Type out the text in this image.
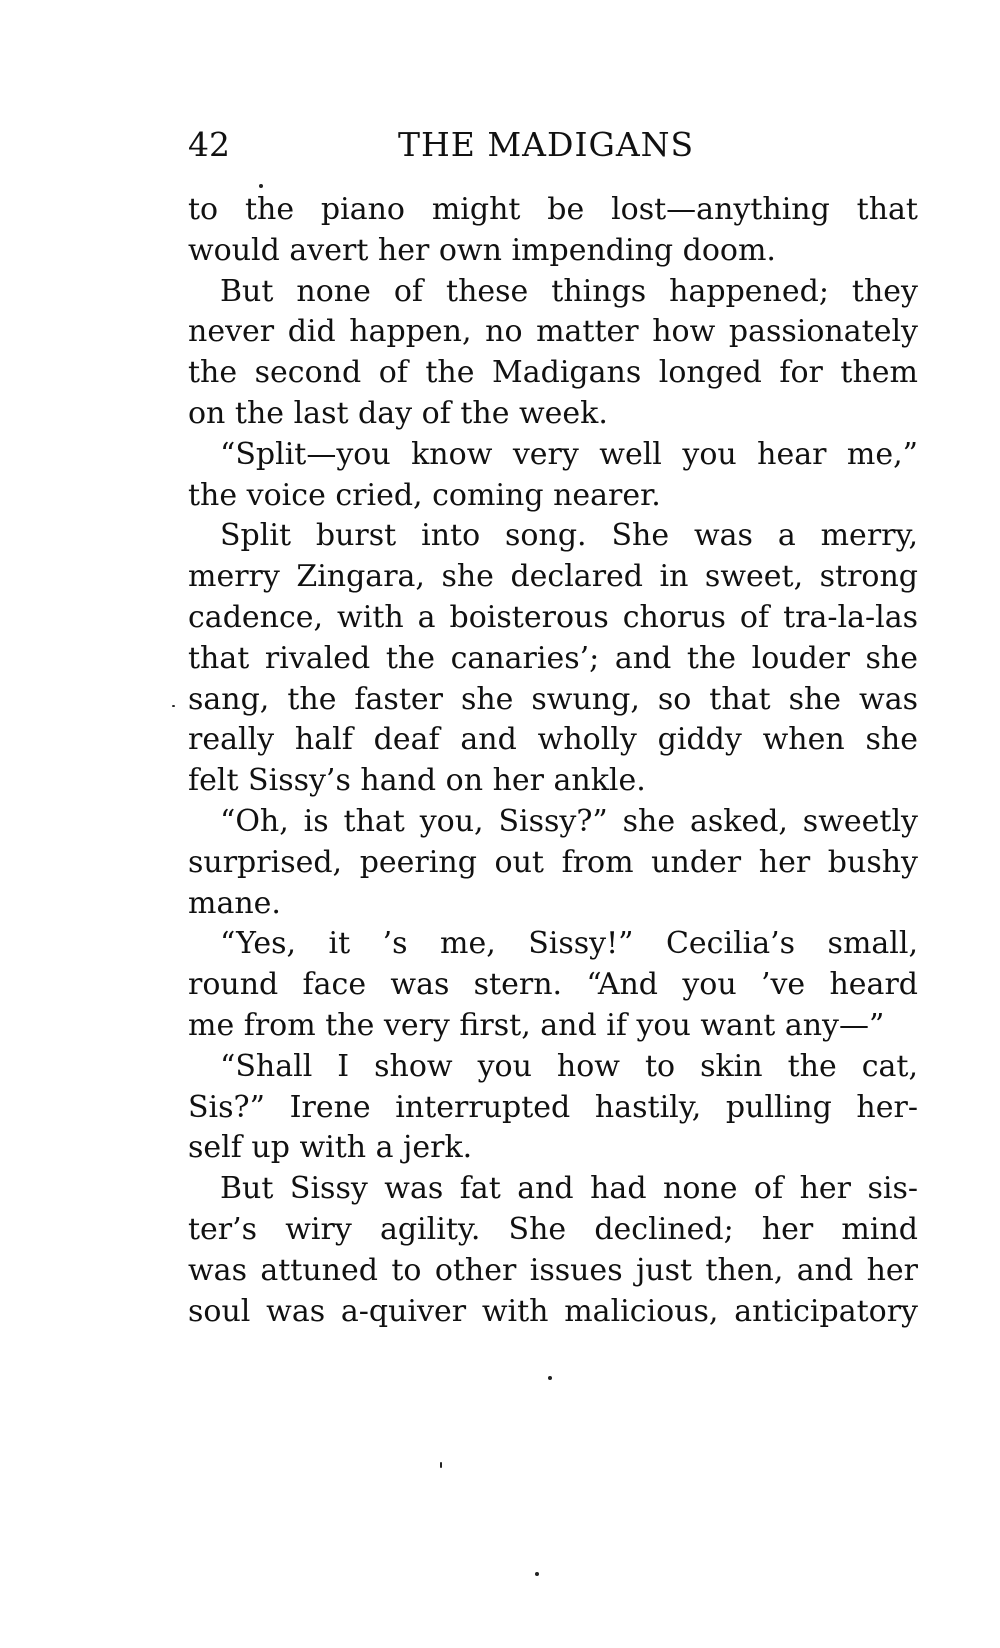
42	THE MADIGANS
to the piano might be lost—anything that
would avert her own impending doom.
But none of these things happened; they
never did happen, no matter how passionately
the second of the Madigans longed for them
on the last day of the week.
“Split—you know very well you hear me,”
the voice cried, coming nearer.
Split burst into song. She was a merry,
merry Zingara, she declared in sweet, strong
cadence, with a boisterous chorus of tra-la-las
that rivaled the canaries’; and the louder she
sang, the faster she swung, so that she was
really half deaf and wholly giddy when she
felt Sissy’s hand on her ankle.
“Oh, is that you, Sissy?” she asked, sweetly
surprised, peering out from under her bushy
mane.
“Yes, it ’s me, Sissy!” Cecilia’s small,
round face was stern. “And you ’ve heard
me from the very first, and if you want any—”
“Shall I show you how to skin the cat,
Sis?” Irene interrupted hastily, pulling her-
self up with a jerk.
But Sissy was fat and had none of her sis-
ter’s wiry agility. She declined; her mind
was attuned to other issues just then, and her
soul was a-quiver with malicious, anticipatory
